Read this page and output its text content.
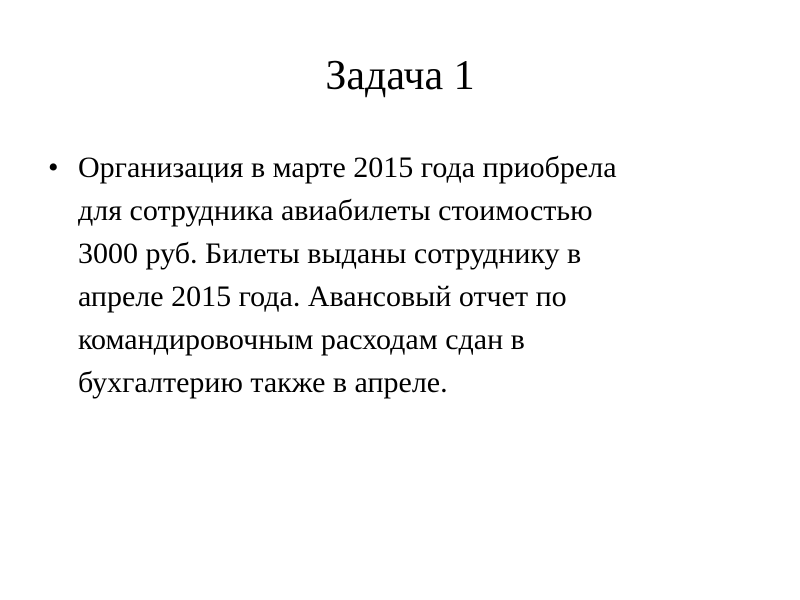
Задача 1
• Организация в марте 2015 года приобрела
для сотрудника авиабилеты стоимостью
3000 руб. Билеты выданы сотруднику в
апреле 2015 года. Авансовый отчет по
командировочным расходам сдан в
бухгалтерию также в апреле.
